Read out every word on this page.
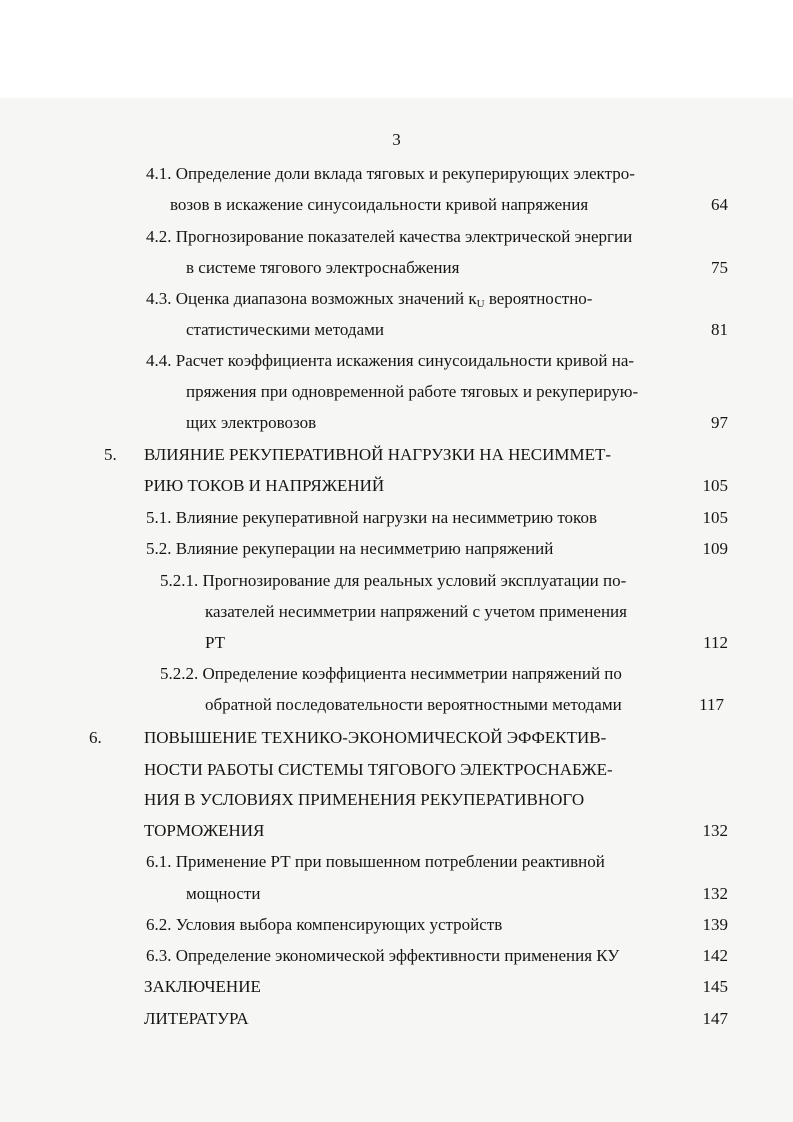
3
4.1. Определение доли вклада тяговых и рекуперирующих электро-
возов в искажение синусоидальности кривой напряжения	64
4.2. Прогнозирование показателей качества электрической энергии
в системе тягового электроснабжения	75
4.3. Оценка диапазона возможных значений $к_U$ вероятностно-
статистическими методами	81
4.4. Расчет коэффициента искажения синусоидальности кривой на-
пряжения при одновременной работе тяговых и рекуперирую-
щих электровозов	97
5. ВЛИЯНИЕ РЕКУПЕРАТИВНОЙ НАГРУЗКИ НА НЕСИММЕТ-
РИЮ ТОКОВ И НАПРЯЖЕНИЙ	105
5.1. Влияние рекуперативной нагрузки на несимметрию токов	105
5.2. Влияние рекуперации на несимметрию напряжений	109
5.2.1. Прогнозирование для реальных условий эксплуатации по-
казателей несимметрии напряжений с учетом применения
РТ	112
5.2.2. Определение коэффициента несимметрии напряжений по
обратной последовательности вероятностными методами	117
6. ПОВЫШЕНИЕ ТЕХНИКО-ЭКОНОМИЧЕСКОЙ ЭФФЕКТИВ-
НОСТИ РАБОТЫ СИСТЕМЫ ТЯГОВОГО ЭЛЕКТРОСНАБЖЕ-
НИЯ В УСЛОВИЯХ ПРИМЕНЕНИЯ РЕКУПЕРАТИВНОГО
ТОРМОЖЕНИЯ	132
6.1. Применение РТ при повышенном потреблении реактивной
мощности	132
6.2. Условия выбора компенсирующих устройств	139
6.3. Определение экономической эффективности применения КУ	142
ЗАКЛЮЧЕНИЕ	145
ЛИТЕРАТУРА	147
